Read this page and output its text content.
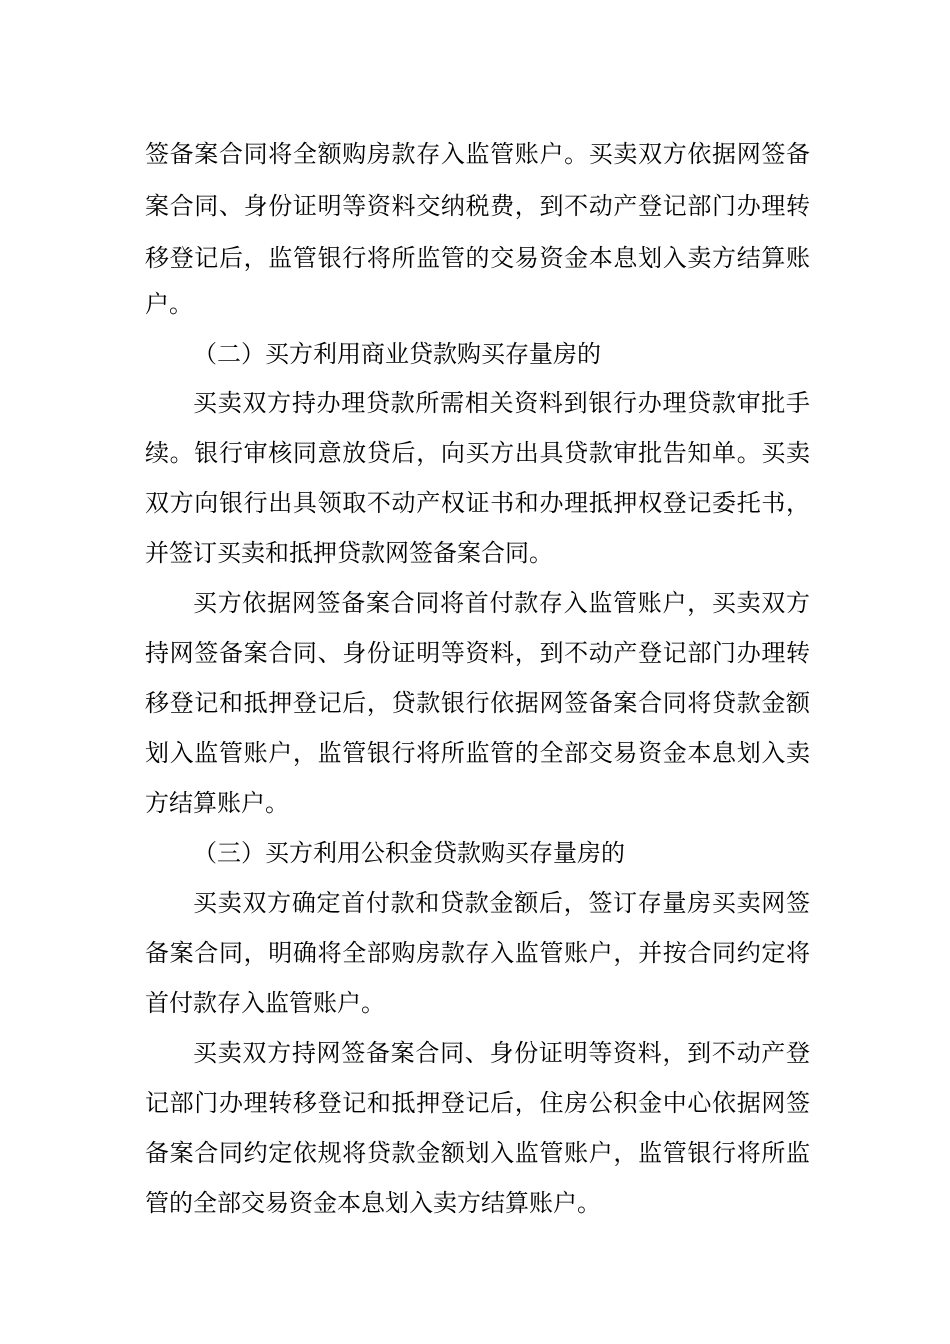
签备案合同将全额购房款存入监管账户。买卖双方依据网签备
案合同、身份证明等资料交纳税费，到不动产登记部门办理转
移登记后，监管银行将所监管的交易资金本息划入卖方结算账
户。
（二）买方利用商业贷款购买存量房的
买卖双方持办理贷款所需相关资料到银行办理贷款审批手
续。银行审核同意放贷后，向买方出具贷款审批告知单。买卖
双方向银行出具领取不动产权证书和办理抵押权登记委托书，
并签订买卖和抵押贷款网签备案合同。
买方依据网签备案合同将首付款存入监管账户，买卖双方
持网签备案合同、身份证明等资料，到不动产登记部门办理转
移登记和抵押登记后，贷款银行依据网签备案合同将贷款金额
划入监管账户，监管银行将所监管的全部交易资金本息划入卖
方结算账户。
（三）买方利用公积金贷款购买存量房的
买卖双方确定首付款和贷款金额后，签订存量房买卖网签
备案合同，明确将全部购房款存入监管账户，并按合同约定将
首付款存入监管账户。
买卖双方持网签备案合同、身份证明等资料，到不动产登
记部门办理转移登记和抵押登记后，住房公积金中心依据网签
备案合同约定依规将贷款金额划入监管账户，监管银行将所监
管的全部交易资金本息划入卖方结算账户。
